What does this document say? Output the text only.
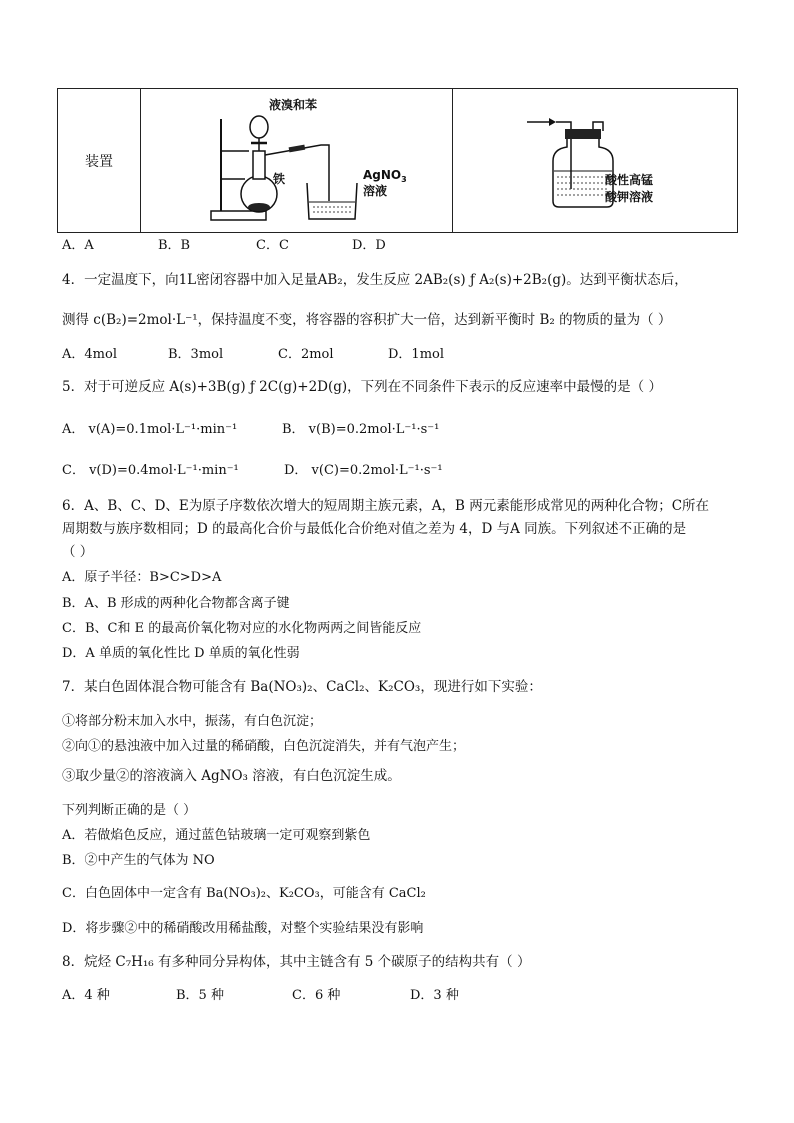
装置	
液溴和苯
铁	AgNO$_3$
溶液

酸性高锰
酸钾溶液
A．A	B．B	C．C	D．D
4．一定温度下，向1L密闭容器中加入足量AB₂，发生反应 2AB₂(s) ƒ A₂(s)+2B₂(g)。达到平衡状态后，
测得 c(B₂)=2mol·L⁻¹，保持温度不变，将容器的容积扩大一倍，达到新平衡时 B₂ 的物质的量为（ ）
A．4mol	B．3mol	C．2mol	D．1mol
5．对于可逆反应 A(s)+3B(g) ƒ 2C(g)+2D(g)，下列在不同条件下表示的反应速率中最慢的是（ ）
A． v(A)=0.1mol·L⁻¹·min⁻¹	B． v(B)=0.2mol·L⁻¹·s⁻¹
C． v(D)=0.4mol·L⁻¹·min⁻¹	D． v(C)=0.2mol·L⁻¹·s⁻¹
6．A、B、C、D、E为原子序数依次增大的短周期主族元素，A，B 两元素能形成常见的两种化合物；C所在
周期数与族序数相同；D 的最高化合价与最低化合价绝对值之差为 4，D 与A 同族。下列叙述不正确的是
（ ）
A．原子半径：B>C>D>A
B．A、B 形成的两种化合物都含离子键
C．B、C和 E 的最高价氧化物对应的水化物两两之间皆能反应
D．A 单质的氧化性比 D 单质的氧化性弱
7．某白色固体混合物可能含有 Ba(NO₃)₂、CaCl₂、K₂CO₃，现进行如下实验：
①将部分粉末加入水中，振荡，有白色沉淀；
②向①的悬浊液中加入过量的稀硝酸，白色沉淀消失，并有气泡产生；
③取少量②的溶液滴入 AgNO₃ 溶液，有白色沉淀生成。
下列判断正确的是（ ）
A．若做焰色反应，通过蓝色钴玻璃一定可观察到紫色
B．②中产生的气体为 NO
C．白色固体中一定含有 Ba(NO₃)₂、K₂CO₃，可能含有 CaCl₂
D．将步骤②中的稀硝酸改用稀盐酸，对整个实验结果没有影响
8．烷烃 C₇H₁₆ 有多种同分异构体，其中主链含有 5 个碳原子的结构共有（ ）
A．4 种	B．5 种	C．6 种	D．3 种
